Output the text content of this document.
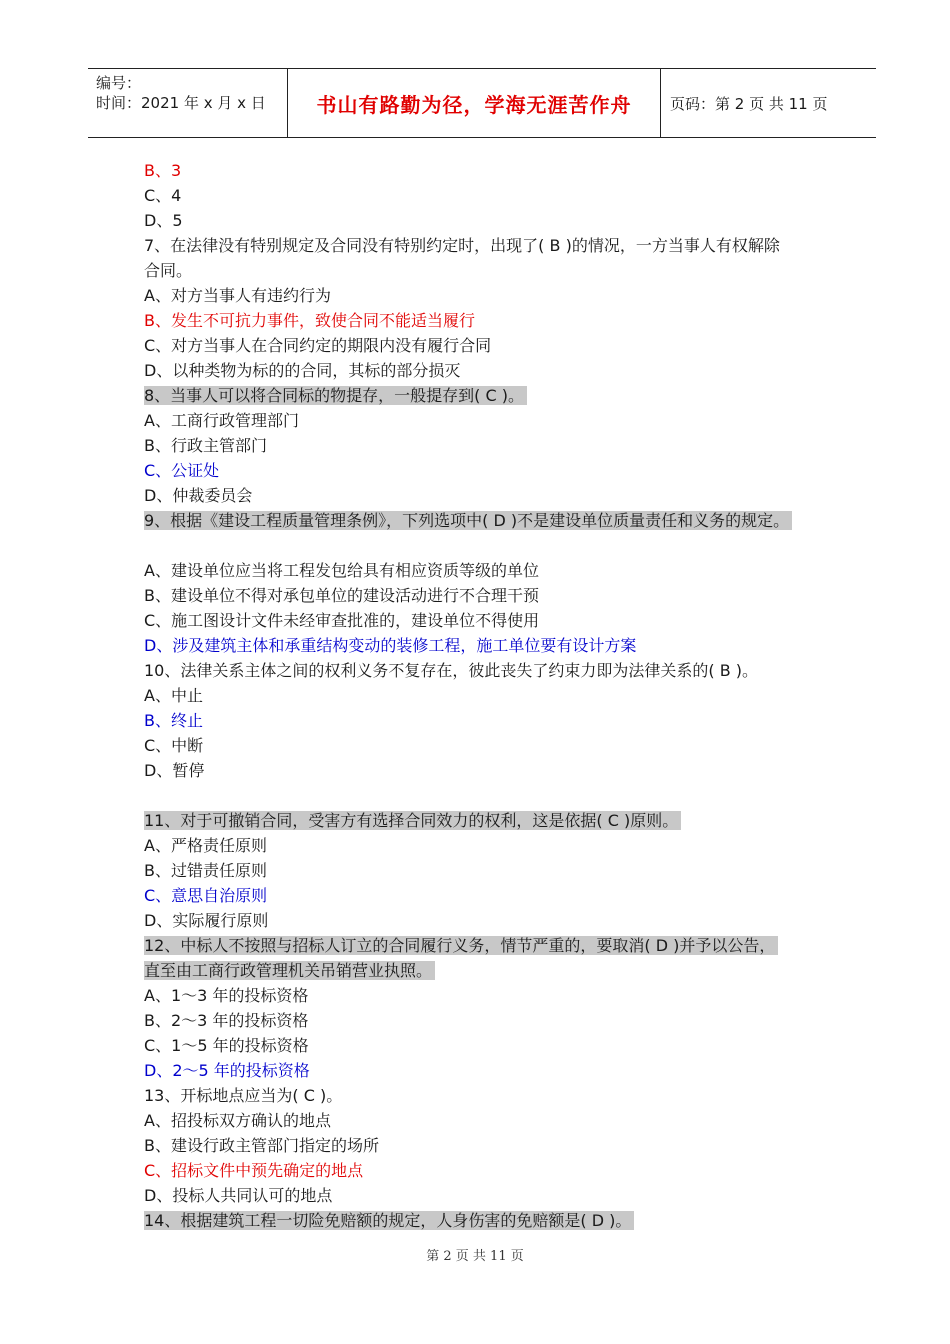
编号：
时间：2021 年 x 月 x 日	书山有路勤为径，学海无涯苦作舟	页码：第 2 页 共 11 页
B、3
C、4
D、5
7、在法律没有特别规定及合同没有特别约定时，出现了( B )的情况，一方当事人有权解除
合同。
A、对方当事人有违约行为
B、发生不可抗力事件，致使合同不能适当履行
C、对方当事人在合同约定的期限内没有履行合同
D、以种类物为标的的合同，其标的部分损灭
8、当事人可以将合同标的物提存，一般提存到( C )。
A、工商行政管理部门
B、行政主管部门
C、公证处
D、仲裁委员会
9、根据《建设工程质量管理条例》，下列选项中( D )不是建设单位质量责任和义务的规定。
A、建设单位应当将工程发包给具有相应资质等级的单位
B、建设单位不得对承包单位的建设活动进行不合理干预
C、施工图设计文件未经审查批准的，建设单位不得使用
D、涉及建筑主体和承重结构变动的装修工程，施工单位要有设计方案
10、法律关系主体之间的权利义务不复存在，彼此丧失了约束力即为法律关系的( B )。
A、中止
B、终止
C、中断
D、暂停
11、对于可撤销合同，受害方有选择合同效力的权利，这是依据( C )原则。
A、严格责任原则
B、过错责任原则
C、意思自治原则
D、实际履行原则
12、中标人不按照与招标人订立的合同履行义务，情节严重的，要取消( D )并予以公告，
直至由工商行政管理机关吊销营业执照。
A、1～3 年的投标资格
B、2～3 年的投标资格
C、1～5 年的投标资格
D、2～5 年的投标资格
13、开标地点应当为( C )。
A、招投标双方确认的地点
B、建设行政主管部门指定的场所
C、招标文件中预先确定的地点
D、投标人共同认可的地点
14、根据建筑工程一切险免赔额的规定，人身伤害的免赔额是( D )。
第 2 页 共 11 页
